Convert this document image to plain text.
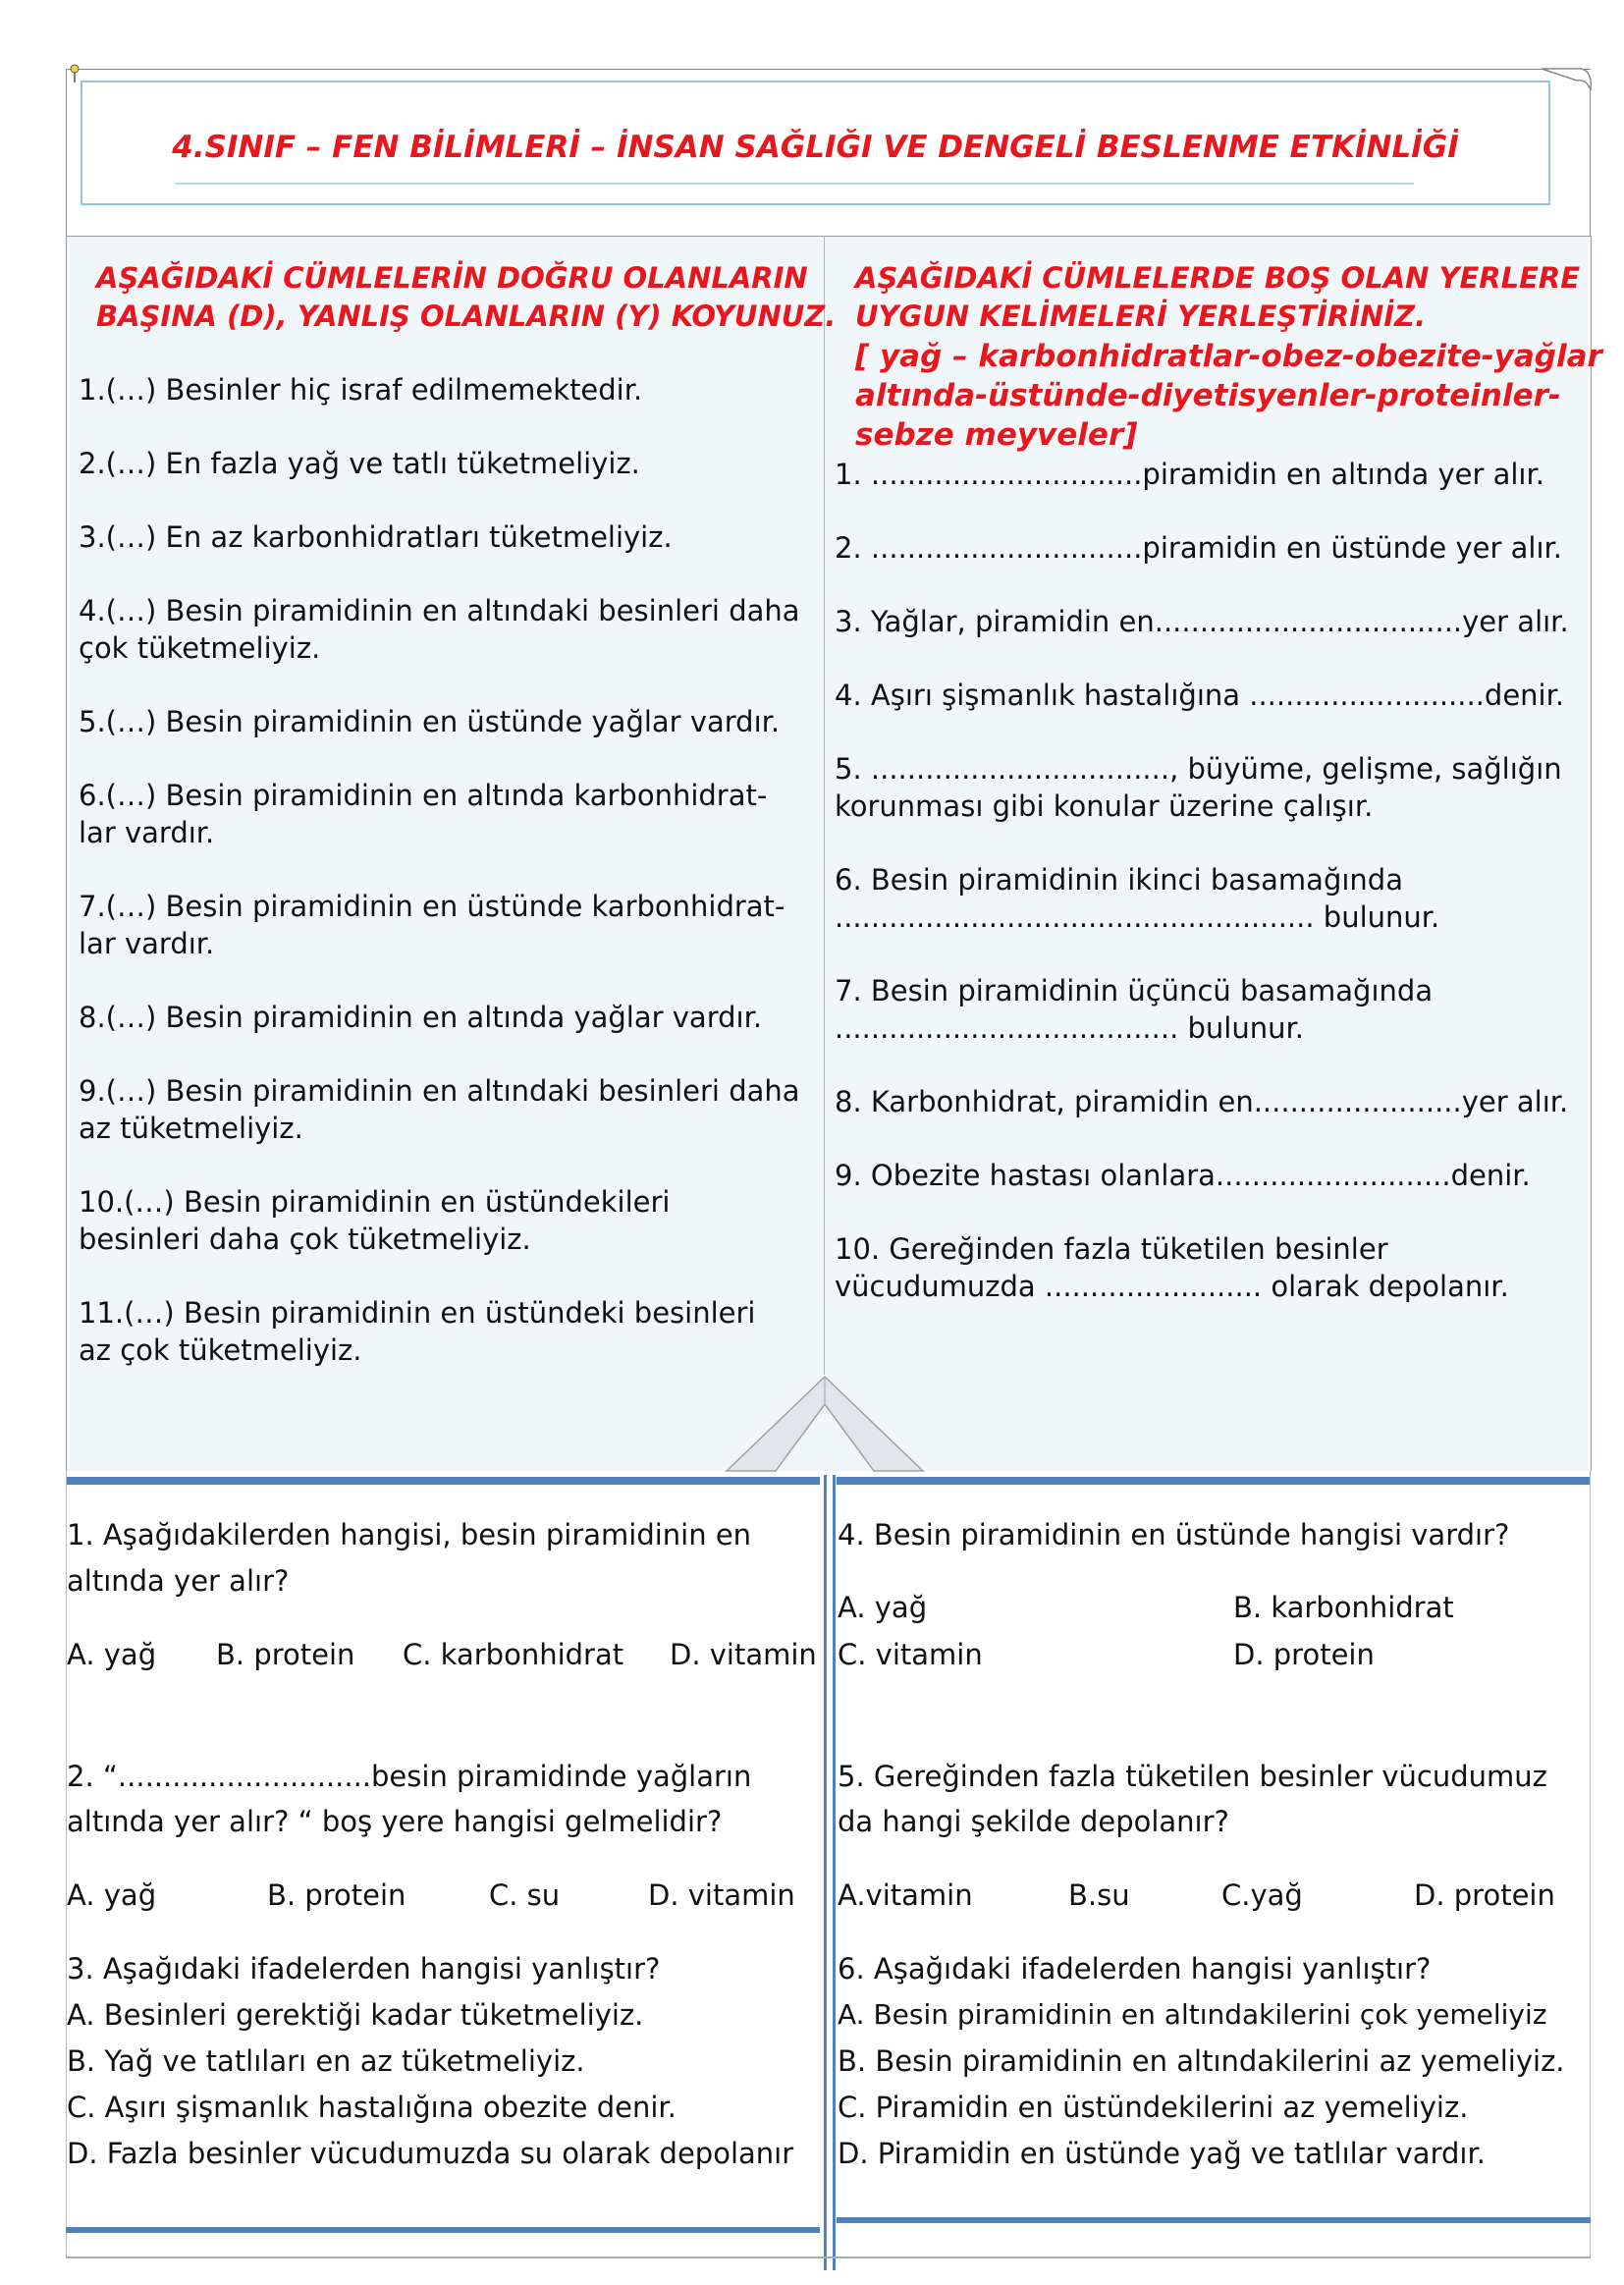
4.SINIF – FEN BİLİMLERİ – İNSAN SAĞLIĞI VE DENGELİ BESLENME ETKİNLİĞİ
AŞAĞIDAKİ CÜMLELERİN DOĞRU OLANLARIN
BAŞINA (D), YANLIŞ OLANLARIN (Y) KOYUNUZ.
1.(…) Besinler hiç israf edilmemektedir.
2.(…) En fazla yağ ve tatlı tüketmeliyiz.
3.(…) En az karbonhidratları tüketmeliyiz.
4.(…) Besin piramidinin en altındaki besinleri daha
çok tüketmeliyiz.
5.(…) Besin piramidinin en üstünde yağlar vardır.
6.(…) Besin piramidinin en altında karbonhidrat-
lar vardır.
7.(…) Besin piramidinin en üstünde karbonhidrat-
lar vardır.
8.(…) Besin piramidinin en altında yağlar vardır.
9.(…) Besin piramidinin en altındaki besinleri daha
az tüketmeliyiz.
10.(…) Besin piramidinin en üstündekileri
besinleri daha çok tüketmeliyiz.
11.(…) Besin piramidinin en üstündeki besinleri
az çok tüketmeliyiz.
AŞAĞIDAKİ CÜMLELERDE BOŞ OLAN YERLERE
UYGUN KELİMELERİ YERLEŞTİRİNİZ.
[ yağ – karbonhidratlar-obez-obezite-yağlar
altında-üstünde-diyetisyenler-proteinler-
sebze meyveler]
1. ..............................piramidin en altında yer alır.
2. ..............................piramidin en üstünde yer alır.
3. Yağlar, piramidin en..................................yer alır.
4. Aşırı şişmanlık hastalığına ..........................denir.
5. ................................., büyüme, gelişme, sağlığın
korunması gibi konular üzerine çalışır.
6. Besin piramidinin ikinci basamağında
..................................................... bulunur.
7. Besin piramidinin üçüncü basamağında
...................................... bulunur.
8. Karbonhidrat, piramidin en.......................yer alır.
9. Obezite hastası olanlara..........................denir.
10. Gereğinden fazla tüketilen besinler
vücudumuzda ........................ olarak depolanır.
1. Aşağıdakilerden hangisi, besin piramidinin en
altında yer alır?
A. yağ B. protein C. karbonhidrat D. vitamin
2. “............................besin piramidinde yağların
altında yer alır? “ boş yere hangisi gelmelidir?
A. yağ	B. protein	C. su	D. vitamin
3. Aşağıdaki ifadelerden hangisi yanlıştır?
A. Besinleri gerektiği kadar tüketmeliyiz.
B. Yağ ve tatlıları en az tüketmeliyiz.
C. Aşırı şişmanlık hastalığına obezite denir.
D. Fazla besinler vücudumuzda su olarak depolanır
4. Besin piramidinin en üstünde hangisi vardır?
A. yağ	B. karbonhidrat
C. vitamin	D. protein
5. Gereğinden fazla tüketilen besinler vücudumuz
da hangi şekilde depolanır?
A.vitamin	B.su	C.yağ	D. protein
6. Aşağıdaki ifadelerden hangisi yanlıştır?
A. Besin piramidinin en altındakilerini çok yemeliyiz
B. Besin piramidinin en altındakilerini az yemeliyiz.
C. Piramidin en üstündekilerini az yemeliyiz.
D. Piramidin en üstünde yağ ve tatlılar vardır.
